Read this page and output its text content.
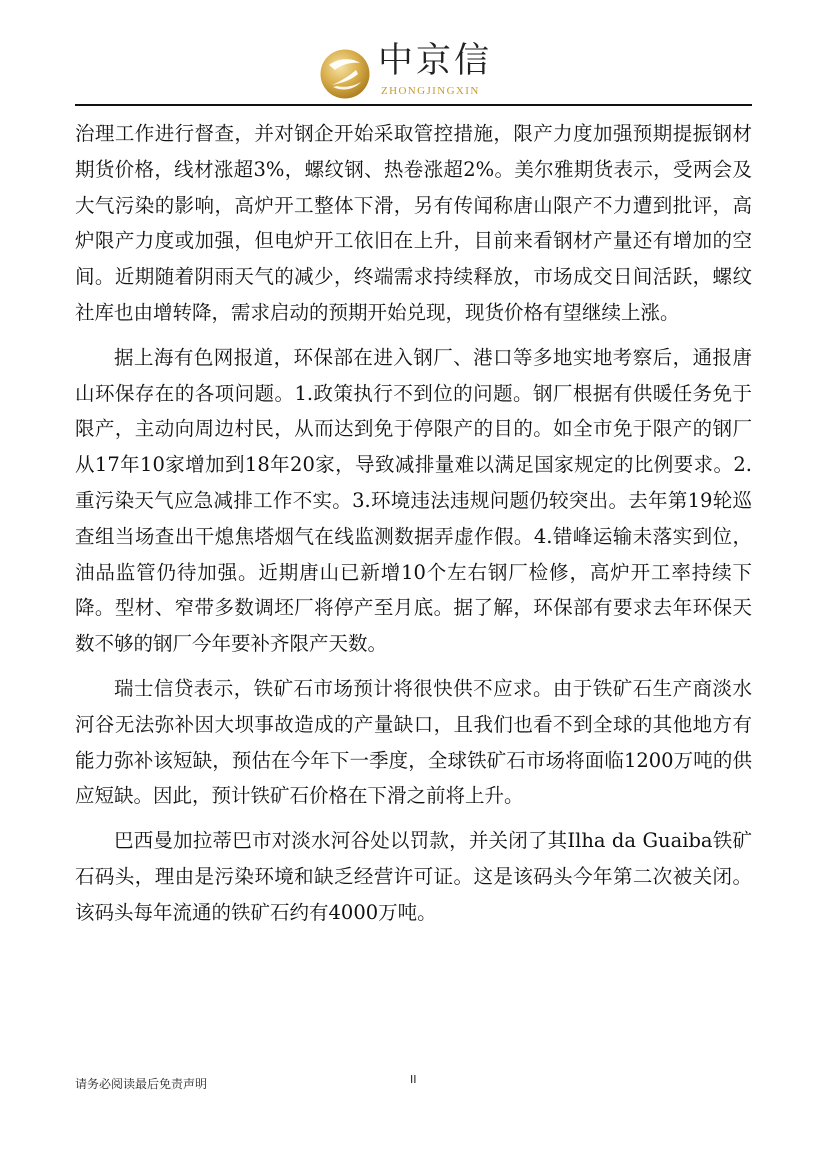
中京信
ZHONGJINGXIN

治理工作进行督查，并对钢企开始采取管控措施，限产力度加强预期提振钢材期货价格，线材涨超3%，螺纹钢、热卷涨超2%。美尔雅期货表示，受两会及大气污染的影响，高炉开工整体下滑，另有传闻称唐山限产不力遭到批评，高炉限产力度或加强，但电炉开工依旧在上升，目前来看钢材产量还有增加的空间。近期随着阴雨天气的减少，终端需求持续释放，市场成交日间活跃，螺纹社库也由增转降，需求启动的预期开始兑现，现货价格有望继续上涨。

据上海有色网报道，环保部在进入钢厂、港口等多地实地考察后，通报唐山环保存在的各项问题。1.政策执行不到位的问题。钢厂根据有供暖任务免于限产，主动向周边村民，从而达到免于停限产的目的。如全市免于限产的钢厂从17年10家增加到18年20家，导致减排量难以满足国家规定的比例要求。2.重污染天气应急减排工作不实。3.环境违法违规问题仍较突出。去年第19轮巡查组当场查出干熄焦塔烟气在线监测数据弄虚作假。4.错峰运输未落实到位，油品监管仍待加强。近期唐山已新增10个左右钢厂检修，高炉开工率持续下降。型材、窄带多数调坯厂将停产至月底。据了解，环保部有要求去年环保天数不够的钢厂今年要补齐限产天数。

瑞士信贷表示，铁矿石市场预计将很快供不应求。由于铁矿石生产商淡水河谷无法弥补因大坝事故造成的产量缺口，且我们也看不到全球的其他地方有能力弥补该短缺，预估在今年下一季度，全球铁矿石市场将面临1200万吨的供应短缺。因此，预计铁矿石价格在下滑之前将上升。

巴西曼加拉蒂巴市对淡水河谷处以罚款，并关闭了其Ilha da Guaiba铁矿石码头，理由是污染环境和缺乏经营许可证。这是该码头今年第二次被关闭。该码头每年流通的铁矿石约有4000万吨。

请务必阅读最后免责声明	II
